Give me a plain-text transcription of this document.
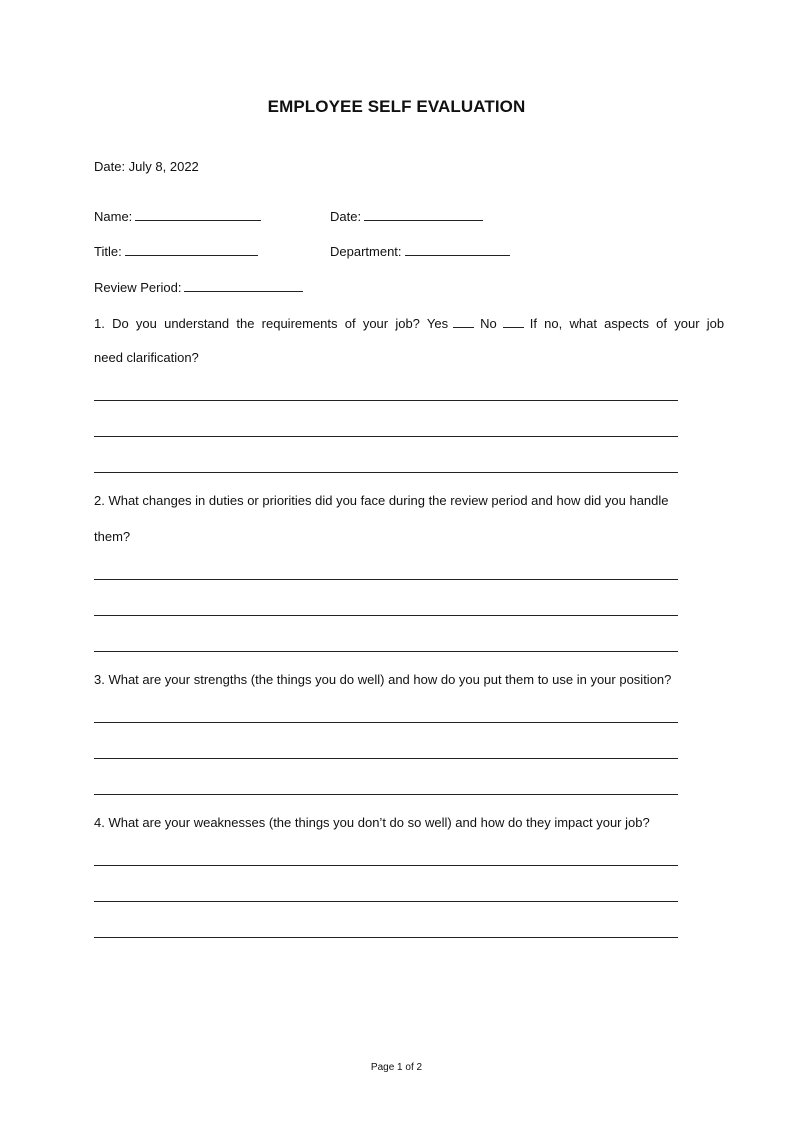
EMPLOYEE SELF EVALUATION
Date: July 8, 2022
Name:	Date:
Title:	Department:
Review Period:
1.  Do  you  understand  the  requirements  of  your  job?  Yes No	If  no,  what  aspects  of  your  job
need clarification?
2. What changes in duties or priorities did you face during the review period and how did you handle
them?
3. What are your strengths (the things you do well) and how do you put them to use in your position?
4. What are your weaknesses (the things you don’t do so well) and how do they impact your job?
Page 1 of 2
